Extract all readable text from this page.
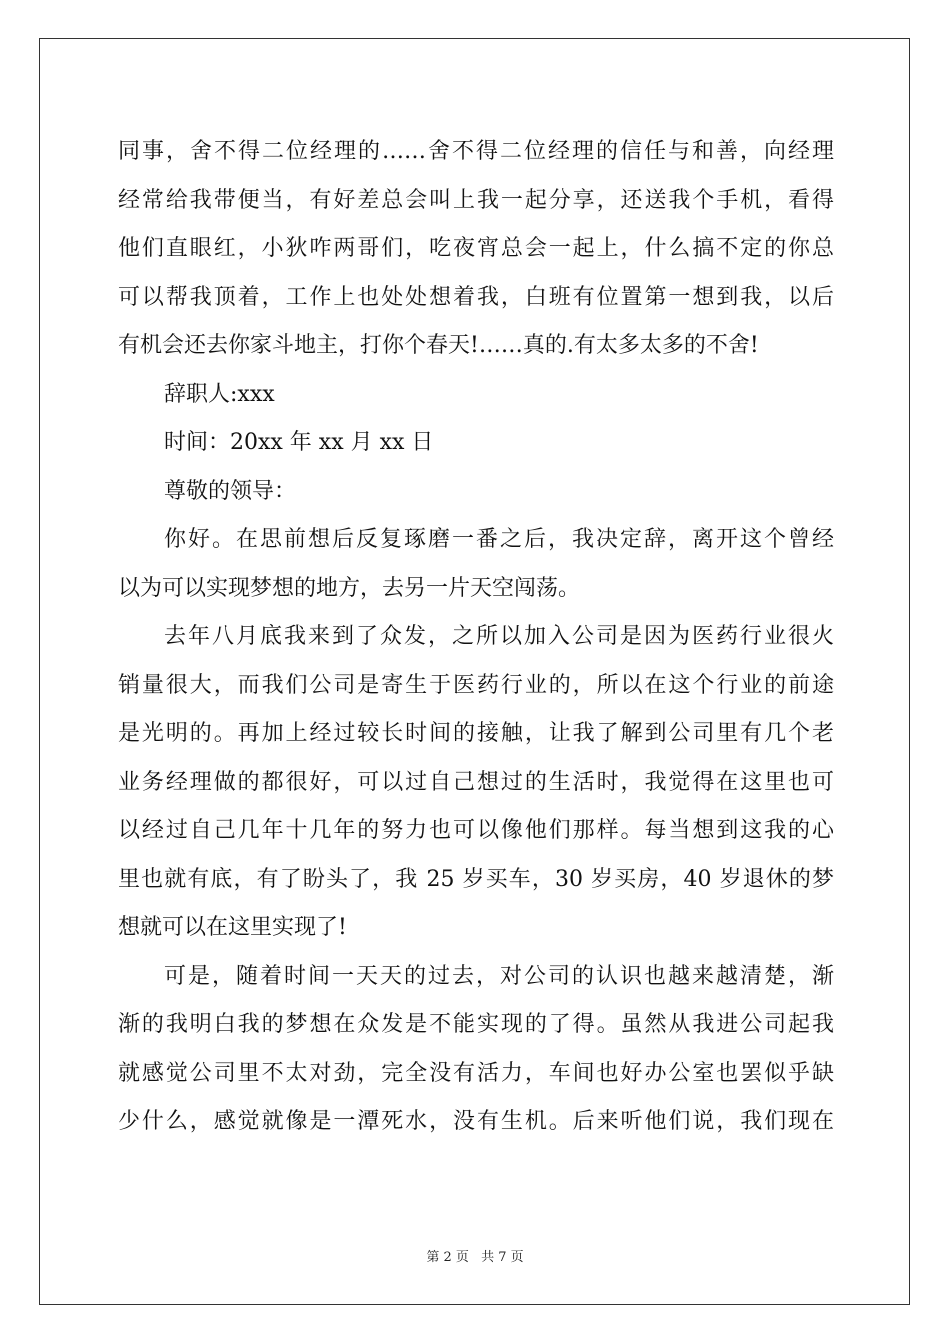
同事，舍不得二位经理的……舍不得二位经理的信任与和善，向经理
经常给我带便当，有好差总会叫上我一起分享，还送我个手机，看得
他们直眼红，小狄咋两哥们，吃夜宵总会一起上，什么搞不定的你总
可以帮我顶着，工作上也处处想着我，白班有位置第一想到我，以后
有机会还去你家斗地主，打你个春天!……真的.有太多太多的不舍!
辞职人:xxx
时间：20xx 年 xx 月 xx 日
尊敬的领导：
你好。在思前想后反复琢磨一番之后，我决定辞，离开这个曾经
以为可以实现梦想的地方，去另一片天空闯荡。
去年八月底我来到了众发，之所以加入公司是因为医药行业很火
销量很大，而我们公司是寄生于医药行业的，所以在这个行业的前途
是光明的。再加上经过较长时间的接触，让我了解到公司里有几个老
业务经理做的都很好，可以过自己想过的生活时，我觉得在这里也可
以经过自己几年十几年的努力也可以像他们那样。每当想到这我的心
里也就有底，有了盼头了，我 25 岁买车，30 岁买房，40 岁退休的梦
想就可以在这里实现了!
可是，随着时间一天天的过去，对公司的认识也越来越清楚，渐
渐的我明白我的梦想在众发是不能实现的了得。虽然从我进公司起我
就感觉公司里不太对劲，完全没有活力，车间也好办公室也罢似乎缺
少什么，感觉就像是一潭死水，没有生机。后来听他们说，我们现在
第 2 页 共 7 页
